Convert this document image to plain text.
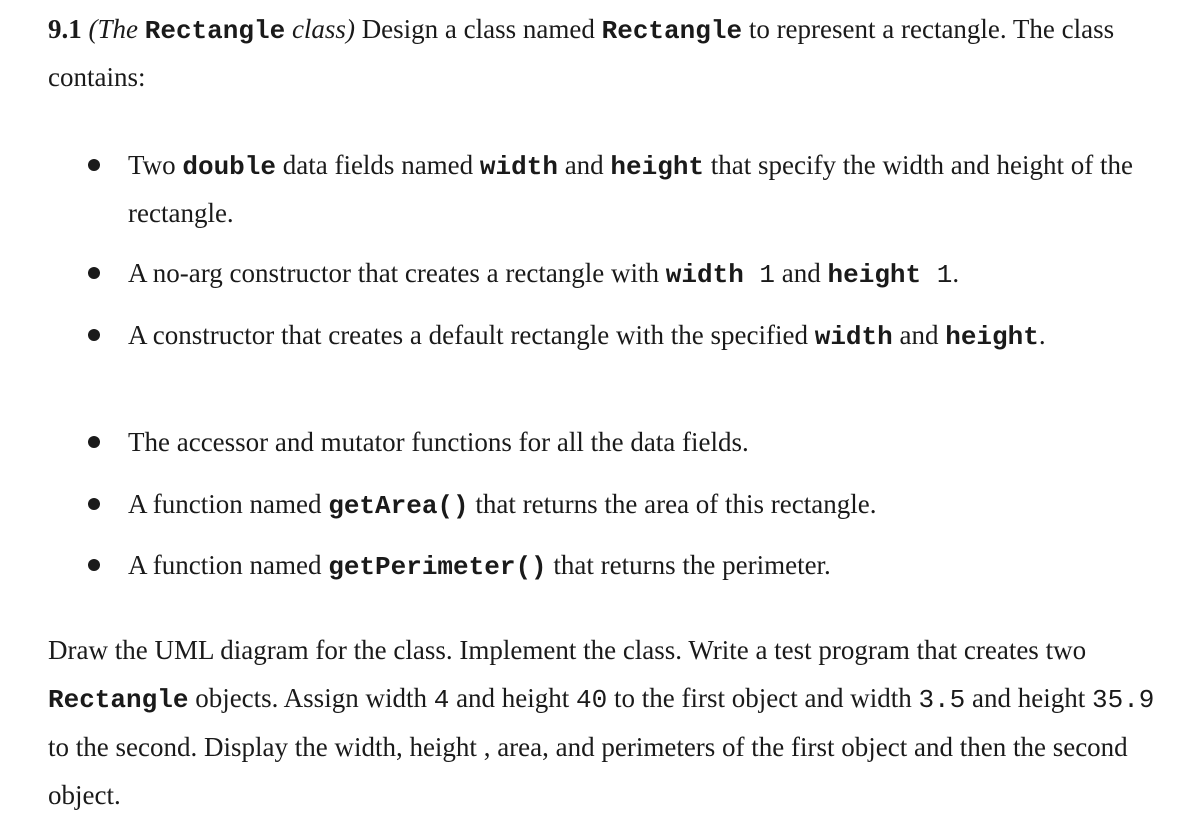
9.1 (The Rectangle class) Design a class named Rectangle to represent a rectangle. The class contains:

Two double data fields named width and height that specify the width and height of the rectangle.
A no-arg constructor that creates a rectangle with width 1 and height 1.
A constructor that creates a default rectangle with the specified width and height.
The accessor and mutator functions for all the data fields.
A function named getArea() that returns the area of this rectangle.
A function named getPerimeter() that returns the perimeter.

Draw the UML diagram for the class. Implement the class. Write a test program that creates two Rectangle objects. Assign width 4 and height 40 to the first object and width 3.5 and height 35.9 to the second. Display the width, height , area, and perimeters of the first object and then the second object.
